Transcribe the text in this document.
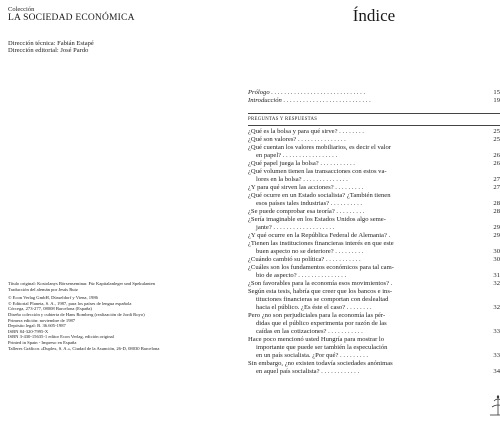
Colección
LA SOCIEDAD ECONÓMICA
Dirección técnica: Fabián Estapé
Dirección editorial: José Pardo
Título original: Kostolanys Börsenseminar. Für Kapitalanleger und Spekulanten
Traducción del alemán por Jesús Ruiz
© Econ Verlag GmbH, Düsseldorf y Viena, 1986
© Editorial Planeta, S. A., 1987, para los países de lengua española
Córcega, 273-277, 08008 Barcelona (España)
Diseño colección y cubierta de Hans Romberg (realización de Jordi Royo)
Primera edición: noviembre de 1987
Depósito legal: B. 36.605-1987
ISBN 84-320-7995-X
ISBN 3-430-15635-1 editor Econ Verlag, edición original
Printed in Spain - Impreso en España
Talleres Gráficos «Duplex, S. A.», Ciudad de la Asunción, 26-D, 08030 Barcelona
Índice
Prólogo . . . . . . . . . . . . . . . . . . . . . . . . . . . . .	15
Introducción . . . . . . . . . . . . . . . . . . . . . . . . . . .	19
PREGUNTAS Y RESPUESTAS
¿Qué es la bolsa y para qué sirve? . . . . . . . .	25
¿Qué son valores? . . . . . . . . . . . . . . .	25
¿Qué cuentan los valores mobiliarios, es decir el valor
en papel? . . . . . . . . . . . . . . . . .	26
¿Qué papel juega la bolsa? . . . . . . . . . . .	26
¿Qué volumen tienen las transacciones con estos va-
lores en la bolsa? . . . . . . . . . . . . . .	27
¿Y para qué sirven las acciones? . . . . . . . . .	27
¿Qué ocurre en un Estado socialista? ¿También tienen
esos países tales industrias? . . . . . . . . . .	28
¿Se puede comprobar esa teoría? . . . . . . . . .	28
¿Sería imaginable en los Estados Unidos algo seme-
jante? . . . . . . . . . . . . . . . . . . .	29
¿Y qué ocurre en la República Federal de Alemania? .	29
¿Tienen las instituciones financieras interés en que este
buen aspecto no se deteriore? . . . . . . . . .	30
¿Cuándo cambió su política? . . . . . . . . . . .	30
¿Cuáles son los fundamentos económicos para tal cam-
bio de aspecto? . . . . . . . . . . . . . . .	31
¿Son favorables para la economía esos movimientos? .	32
Según esta tesis, habría que creer que los bancos e ins-
tituciones financieras se comportan con deslealtad
hacia el público. ¿Es éste el caso? . . . . . . . .	32
Pero ¿no son perjudiciales para la economía las pér-
didas que el público experimenta por razón de las
caídas en las cotizaciones? . . . . . . . . . . .	33
Hace poco mencionó usted Hungría para mostrar lo
importante que puede ser también la especulación
en un país socialista. ¿Por qué? . . . . . . . . .	33
Sin embargo, ¿no existen todavía sociedades anónimas
en aquel país socialista? . . . . . . . . . . . .	34
